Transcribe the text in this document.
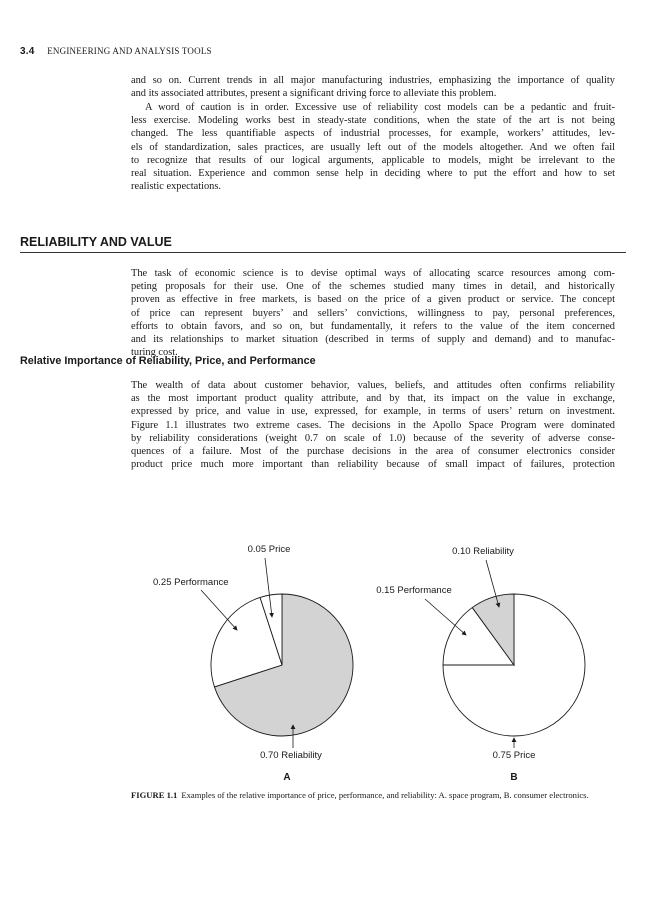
3.4 ENGINEERING AND ANALYSIS TOOLS
and so on. Current trends in all major manufacturing industries, emphasizing the importance of quality
and its associated attributes, present a significant driving force to alleviate this problem.
A word of caution is in order. Excessive use of reliability cost models can be a pedantic and fruit-
less exercise. Modeling works best in steady-state conditions, when the state of the art is not being
changed. The less quantifiable aspects of industrial processes, for example, workers’ attitudes, lev-
els of standardization, sales practices, are usually left out of the models altogether. And we often fail
to recognize that results of our logical arguments, applicable to models, might be irrelevant to the
real situation. Experience and common sense help in deciding where to put the effort and how to set
realistic expectations.
RELIABILITY AND VALUE
The task of economic science is to devise optimal ways of allocating scarce resources among com-
peting proposals for their use. One of the schemes studied many times in detail, and historically
proven as effective in free markets, is based on the price of a given product or service. The concept
of price can represent buyers’ and sellers’ convictions, willingness to pay, personal preferences,
efforts to obtain favors, and so on, but fundamentally, it refers to the value of the item concerned
and its relationships to market situation (described in terms of supply and demand) and to manufac-
turing cost.
Relative Importance of Reliability, Price, and Performance
The wealth of data about customer behavior, values, beliefs, and attitudes often confirms reliability
as the most important product quality attribute, and by that, its impact on the value in exchange,
expressed by price, and value in use, expressed, for example, in terms of users’ return on investment.
Figure 1.1 illustrates two extreme cases. The decisions in the Apollo Space Program were dominated
by reliability considerations (weight 0.7 on scale of 1.0) because of the severity of adverse conse-
quences of a failure. Most of the purchase decisions in the area of consumer electronics consider
product price much more important than reliability because of small impact of failures, protection
0.70 Reliability
0.25 Performance
0.05 Price
A
0.75 Price
0.15 Performance
0.10 Reliability
B
FIGURE 1.1 Examples of the relative importance of price, performance, and reliability: A. space program, B. consumer electronics.
